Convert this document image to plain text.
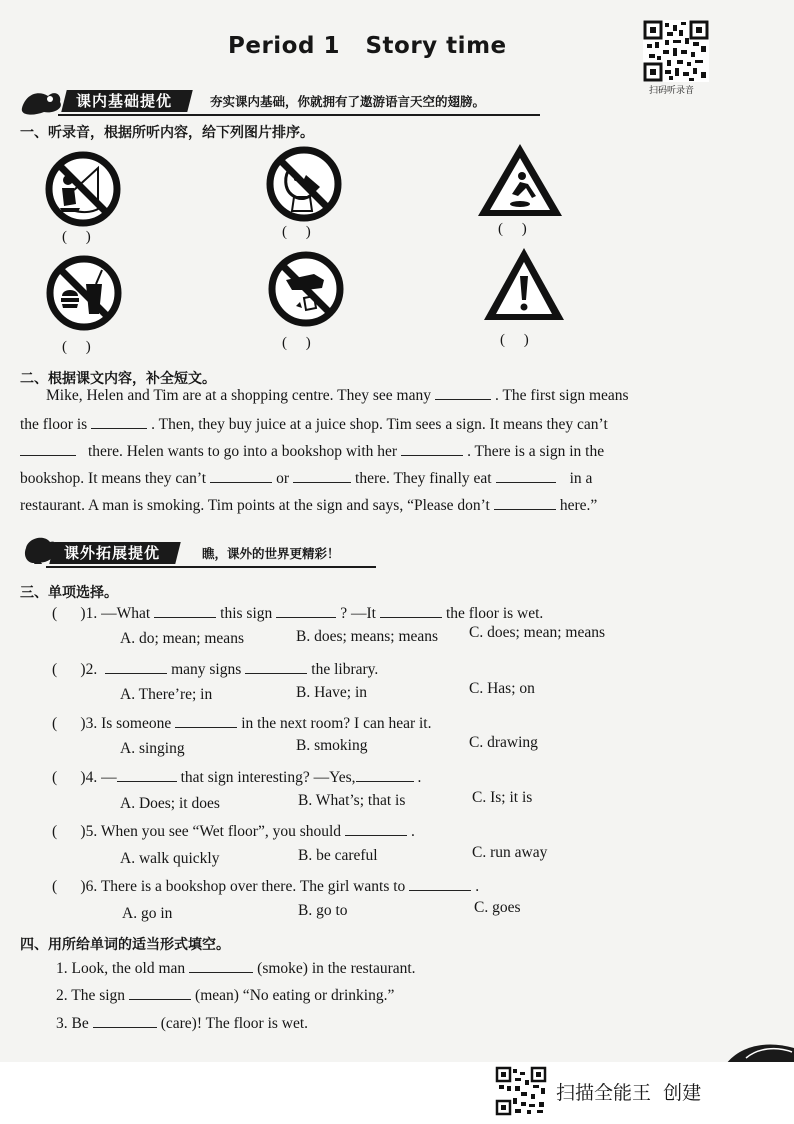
Period 1   Story time
扫码听录音
课内基础提优	夯实课内基础，你就拥有了遨游语言天空的翅膀。
一、听录音，根据所听内容，给下列图片排序。
(     )	(     )	(     )
(     )	(     )	(     )
二、根据课文内容，补全短文。
Mike, Helen and Tim are at a shopping centre. They see many	. The first sign means
the floor is	. Then, they buy juice at a juice shop. Tim sees a sign. It means they can’t
there. Helen wants to go into a bookshop with her	. There is a sign in the
bookshop. It means they can’t	or	there. They finally eat	in a
restaurant. A man is smoking. Tim points at the sign and says, “Please don’t	here.”
课外拓展提优	瞧，课外的世界更精彩！
三、单项选择。
(      )1. —What	this sign	? —It	the floor is wet.
A. do; mean; means	B. does; means; means C. does; mean; means
(      )2.	many signs	the library.
A. There’re; in	B. Have; in	C. Has; on
(      )3. Is someone	in the next room? I can hear it.
A. singing	B. smoking	C. drawing
(      )4. —	that sign interesting? —Yes,	.
A. Does; it does	B. What’s; that is	C. Is; it is
(      )5. When you see “Wet floor”, you should	.
A. walk quickly	B. be careful	C. run away
(      )6. There is a bookshop over there. The girl wants to	.
A. go in	B. go to	C. goes
四、用所给单词的适当形式填空。
1. Look, the old man	(smoke) in the restaurant.
2. The sign	(mean) “No eating or drinking.”
3. Be	(care)! The floor is wet.
扫描全能王  创建
